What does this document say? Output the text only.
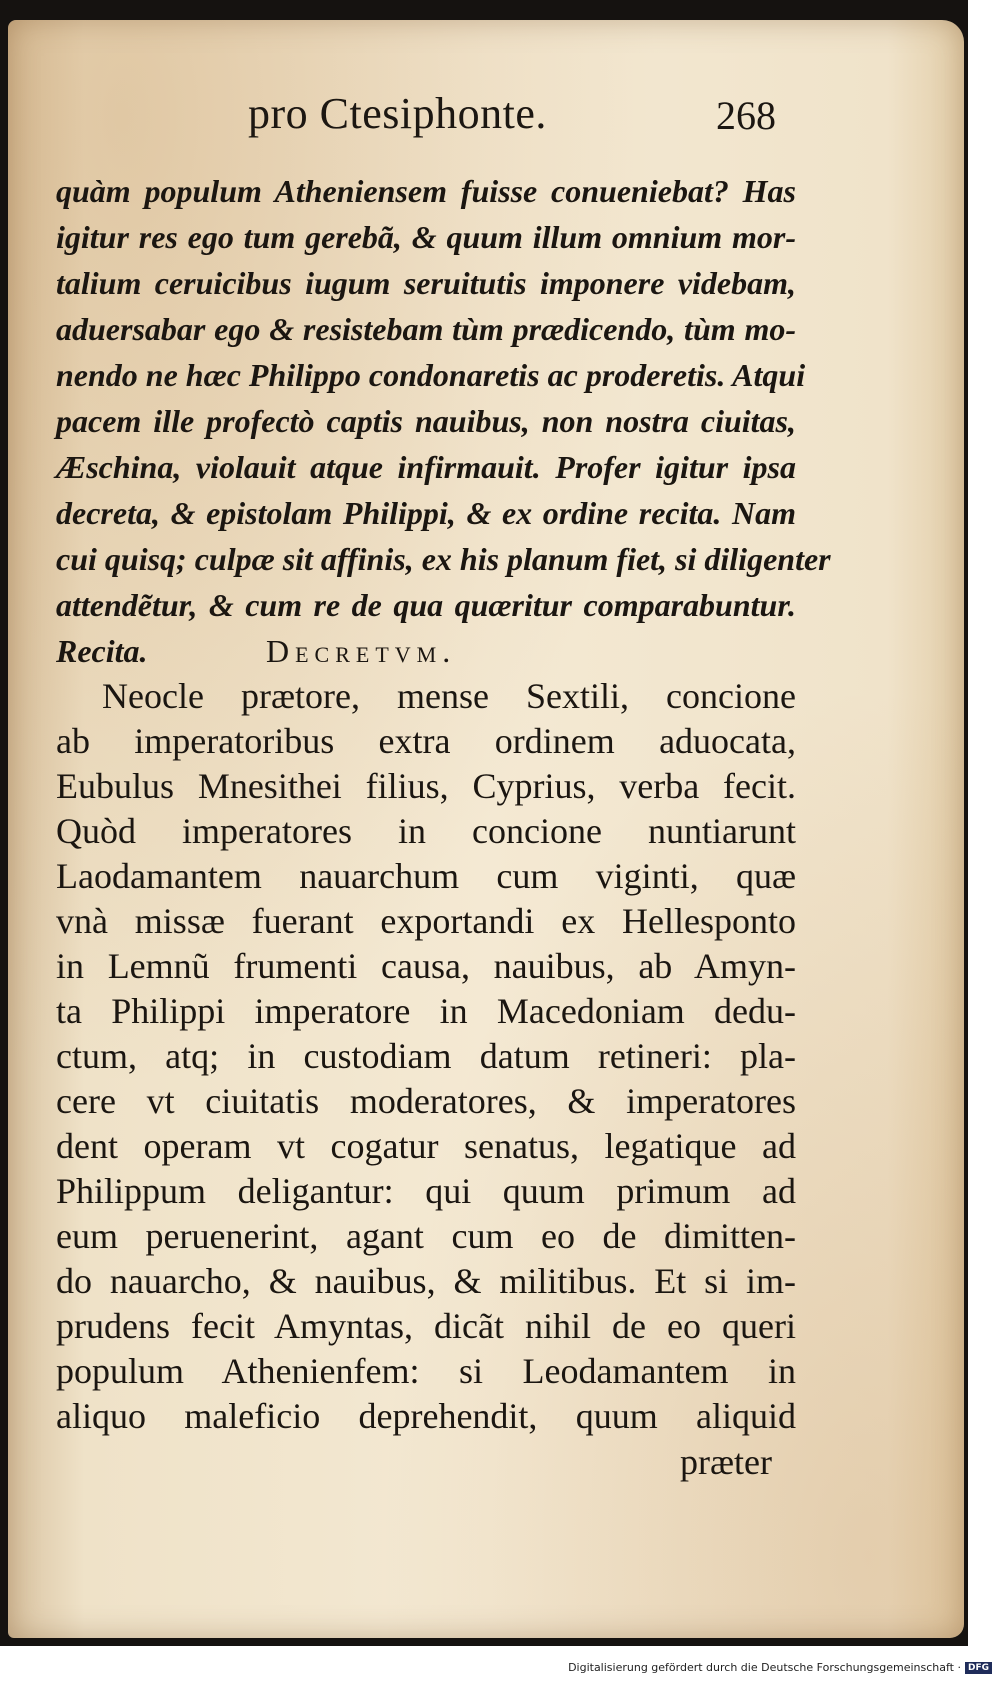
pro Ctesiphonte.	268
quàm populum Atheniensem fuisse conueniebat? Has
igitur res ego tum gerebã, & quum illum omnium mor-
talium ceruicibus iugum seruitutis imponere videbam,
aduersabar ego & resistebam tùm prædicendo, tùm mo-
nendo ne hæc Philippo condonaretis ac proderetis. Atqui
pacem ille profectò captis nauibus, non nostra ciuitas,
Æschina, violauit atque infirmauit. Profer igitur ipsa
decreta, & epistolam Philippi, & ex ordine recita. Nam
cui quisq; culpæ sit affinis, ex his planum fiet, si diligenter
attendẽtur, & cum re de qua quæritur comparabuntur.
Recita.	Decretvm.
Neocle prætore, mense Sextili, concione
ab imperatoribus extra ordinem aduocata,
Eubulus Mnesithei filius, Cyprius, verba fecit.
Quòd imperatores in concione nuntiarunt
Laodamantem nauarchum cum viginti, quæ
vnà missæ fuerant exportandi ex Hellesponto
in Lemnũ frumenti causa, nauibus, ab Amyn-
ta Philippi imperatore in Macedoniam dedu-
ctum, atq; in custodiam datum retineri: pla-
cere vt ciuitatis moderatores, & imperatores
dent operam vt cogatur senatus, legatique ad
Philippum deligantur: qui quum primum ad
eum peruenerint, agant cum eo de dimitten-
do nauarcho, & nauibus, & militibus. Et si im-
prudens fecit Amyntas, dicãt nihil de eo queri
populum Athenienfem: si Leodamantem in
aliquo maleficio deprehendit, quum aliquid
præter
Digitalisierung gefördert durch die Deutsche Forschungsgemeinschaft · DFG
